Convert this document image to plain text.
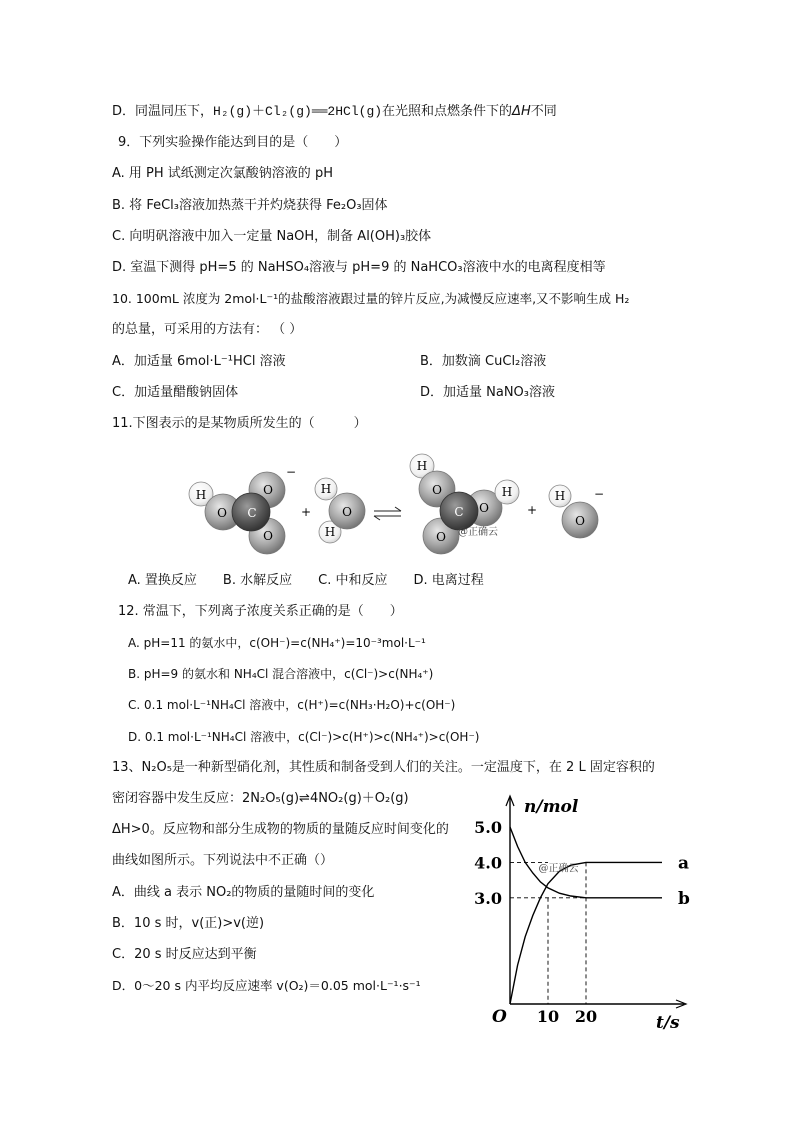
D．同温同压下，H₂(g)＋Cl₂(g)══2HCl(g)在光照和点燃条件下的ΔH不同
9．下列实验操作能达到目的是（　　）
A. 用 PH 试纸测定次氯酸钠溶液的 pH
B. 将 FeCl₃溶液加热蒸干并灼烧获得 Fe₂O₃固体
C. 向明矾溶液中加入一定量 NaOH，制备 Al(OH)₃胶体
D. 室温下测得 pH=5 的 NaHSO₄溶液与 pH=9 的 NaHCO₃溶液中水的电离程度相等
10. 100mL 浓度为 2mol·L⁻¹的盐酸溶液跟过量的锌片反应,为减慢反应速率,又不影响生成 H₂
的总量，可采用的方法有： （ ）
A．加适量 6mol·L⁻¹HCl 溶液	B．加数滴 CuCl₂溶液
C．加适量醋酸钠固体	D．加适量 NaNO₃溶液
11.下图表示的是某物质所发生的（　　　）
H
O C
O
O
−
+
H
O
H
H
O
C O
H
O @正确云
+
H
O
−
A. 置换反应　　B. 水解反应　　C. 中和反应　　D. 电离过程
12. 常温下，下列离子浓度关系正确的是（　　）
A. pH=11 的氨水中，c(OH⁻)=c(NH₄⁺)=10⁻³mol·L⁻¹
B. pH=9 的氨水和 NH₄Cl 混合溶液中，c(Cl⁻)>c(NH₄⁺)
C. 0.1 mol·L⁻¹NH₄Cl 溶液中，c(H⁺)=c(NH₃·H₂O)+c(OH⁻)
D. 0.1 mol·L⁻¹NH₄Cl 溶液中，c(Cl⁻)>c(H⁺)>c(NH₄⁺)>c(OH⁻)
13、N₂O₅是一种新型硝化剂，其性质和制备受到人们的关注。一定温度下，在 2 L 固定容积的
密闭容器中发生反应：2N₂O₅(g)⇌4NO₂(g)＋O₂(g)
ΔH>0。反应物和部分生成物的物质的量随反应时间变化的
曲线如图所示。下列说法中不正确（）
A．曲线 a 表示 NO₂的物质的量随时间的变化
B．10 s 时，v(正)>v(逆)
C．20 s 时反应达到平衡
D．0～20 s 内平均反应速率 v(O₂)＝0.05 mol·L⁻¹·s⁻¹
n/mol
t/s
O
3.0
4.0
5.0
10 20
a
b
@正确云
